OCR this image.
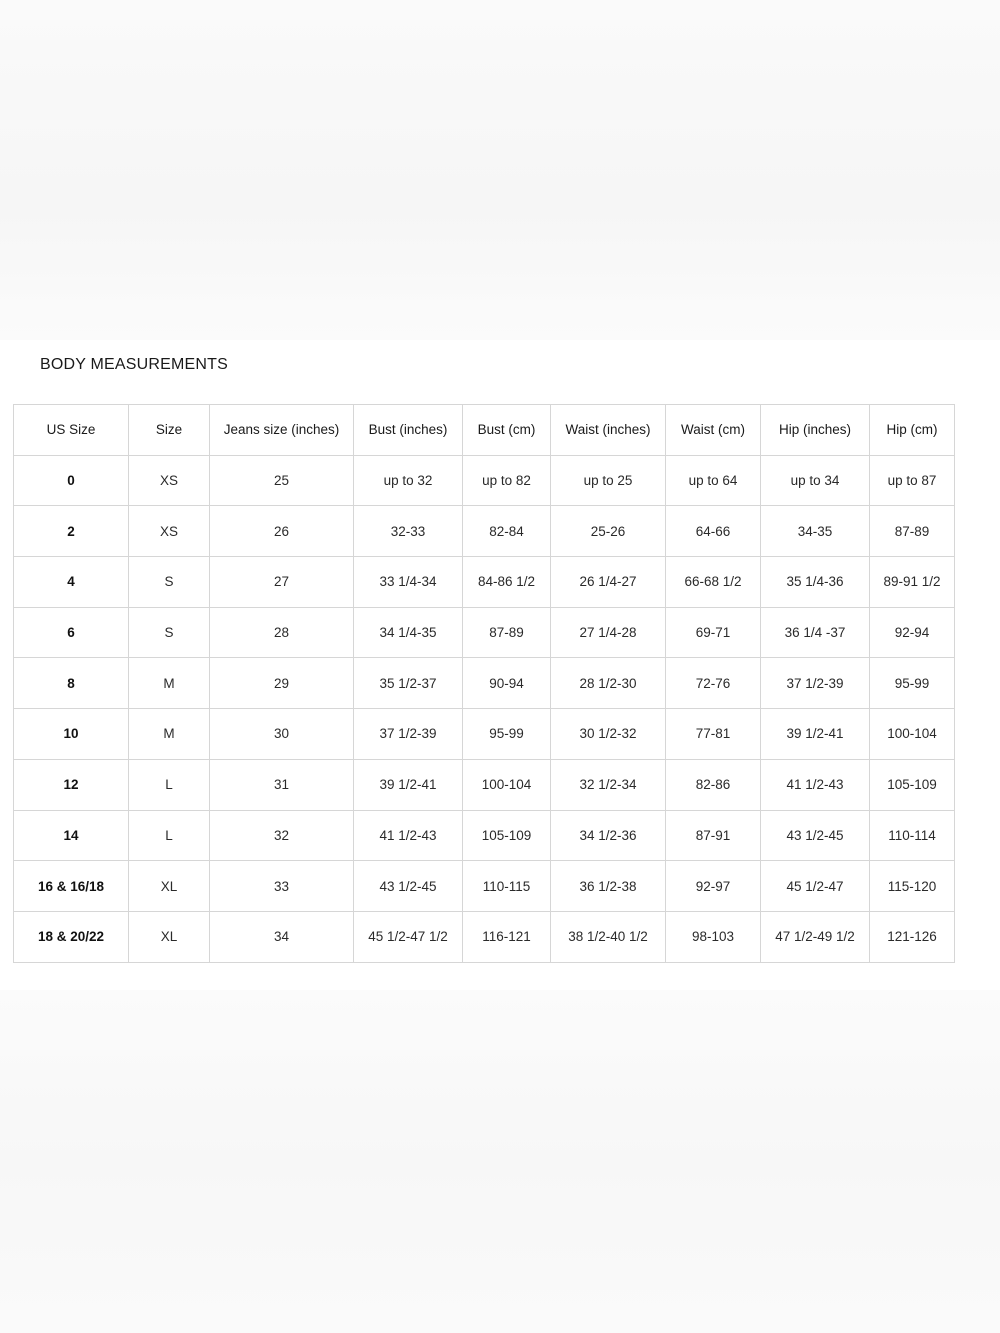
BODY MEASUREMENTS
US Size	Size	Jeans size (inches)	Bust (inches)	Bust (cm)	Waist (inches)	Waist (cm)	Hip (inches)	Hip (cm)
0	XS	25	up to 32	up to 82	up to 25	up to 64	up to 34	up to 87
2	XS	26	32-33	82-84	25-26	64-66	34-35	87-89
4	S	27	33 1/4-34	84-86 1/2	26 1/4-27	66-68 1/2	35 1/4-36	89-91 1/2
6	S	28	34 1/4-35	87-89	27 1/4-28	69-71	36 1/4 -37	92-94
8	M	29	35 1/2-37	90-94	28 1/2-30	72-76	37 1/2-39	95-99
10	M	30	37 1/2-39	95-99	30 1/2-32	77-81	39 1/2-41	100-104
12	L	31	39 1/2-41	100-104	32 1/2-34	82-86	41 1/2-43	105-109
14	L	32	41 1/2-43	105-109	34 1/2-36	87-91	43 1/2-45	110-114
16 & 16/18	XL	33	43 1/2-45	110-115	36 1/2-38	92-97	45 1/2-47	115-120
18 & 20/22	XL	34	45 1/2-47 1/2	116-121	38 1/2-40 1/2	98-103	47 1/2-49 1/2	121-126
